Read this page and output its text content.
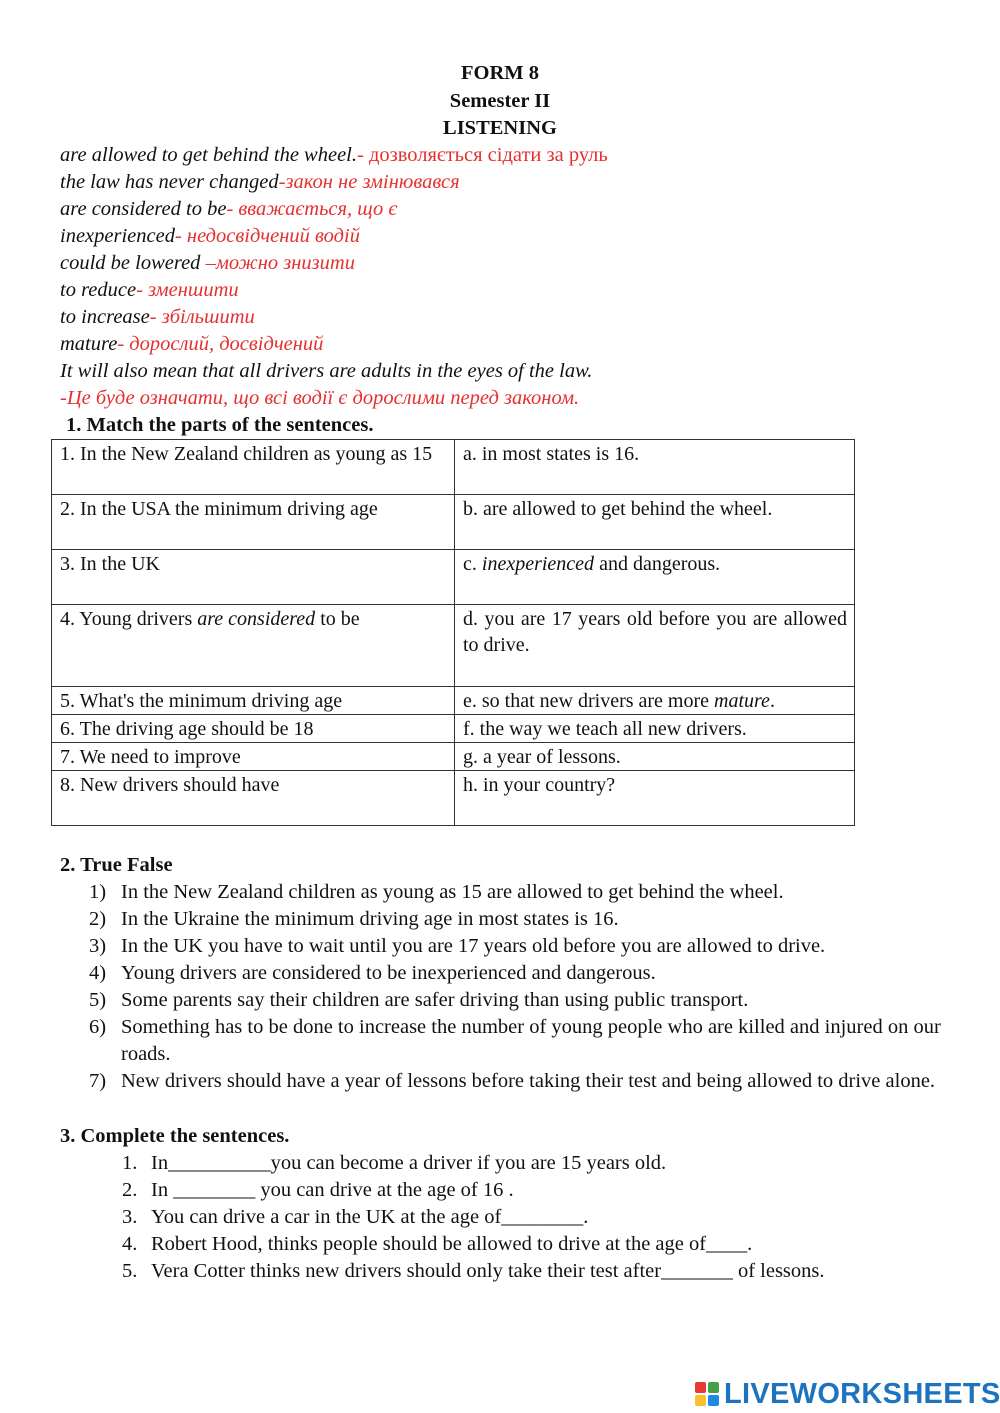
FORM 8
Semester II
LISTENING
are allowed to get behind the wheel.- дозволяється сідати за руль
the law has never changed-закон не змінювався
are considered to be- вважається, що є
inexperienced- недосвідчений водій
could be lowered –можно знизити
to reduce- зменшити
to increase- збільшити
mature- дорослий, досвідчений
It will also mean that all drivers are adults in the eyes of the law.
-Це буде означати, що всі водії є дорослими перед законом.
1. Match the parts of the sentences.
1. In the New Zealand children as young as 15	a. in most states is 16.
2. In the USA the minimum driving age	b. are allowed to get behind the wheel.
3. In the UK	c. inexperienced and dangerous.
4. Young drivers are considered to be	d. you are 17 years old before you are allowed to drive.
5. What's the minimum driving age	e. so that new drivers are more mature.
6. The driving age should be 18	f. the way we teach all new drivers.
7. We need to improve	g. a year of lessons.
8. New drivers should have	h. in your country?
2. True False
1) In the New Zealand children as young as 15 are allowed to get behind the wheel.
2) In the Ukraine the minimum driving age in most states is 16.
3) In the UK you have to wait until you are 17 years old before you are allowed to drive.
4) Young drivers are considered to be inexperienced and dangerous.
5) Some parents say their children are safer driving than using public transport.
6) Something has to be done to increase the number of young people who are killed and injured on our roads.
7) New drivers should have a year of lessons before taking their test and being allowed to drive alone.
3. Complete the sentences.
1. In__________you can become a driver if you are 15 years old.
2. In ________ you can drive at the age of 16 .
3. You can drive a car in the UK at the age of________.
4. Robert Hood, thinks people should be allowed to drive at the age of____.
5. Vera Cotter thinks new drivers should only take their test after_______ of lessons.
LIVEWORKSHEETS
